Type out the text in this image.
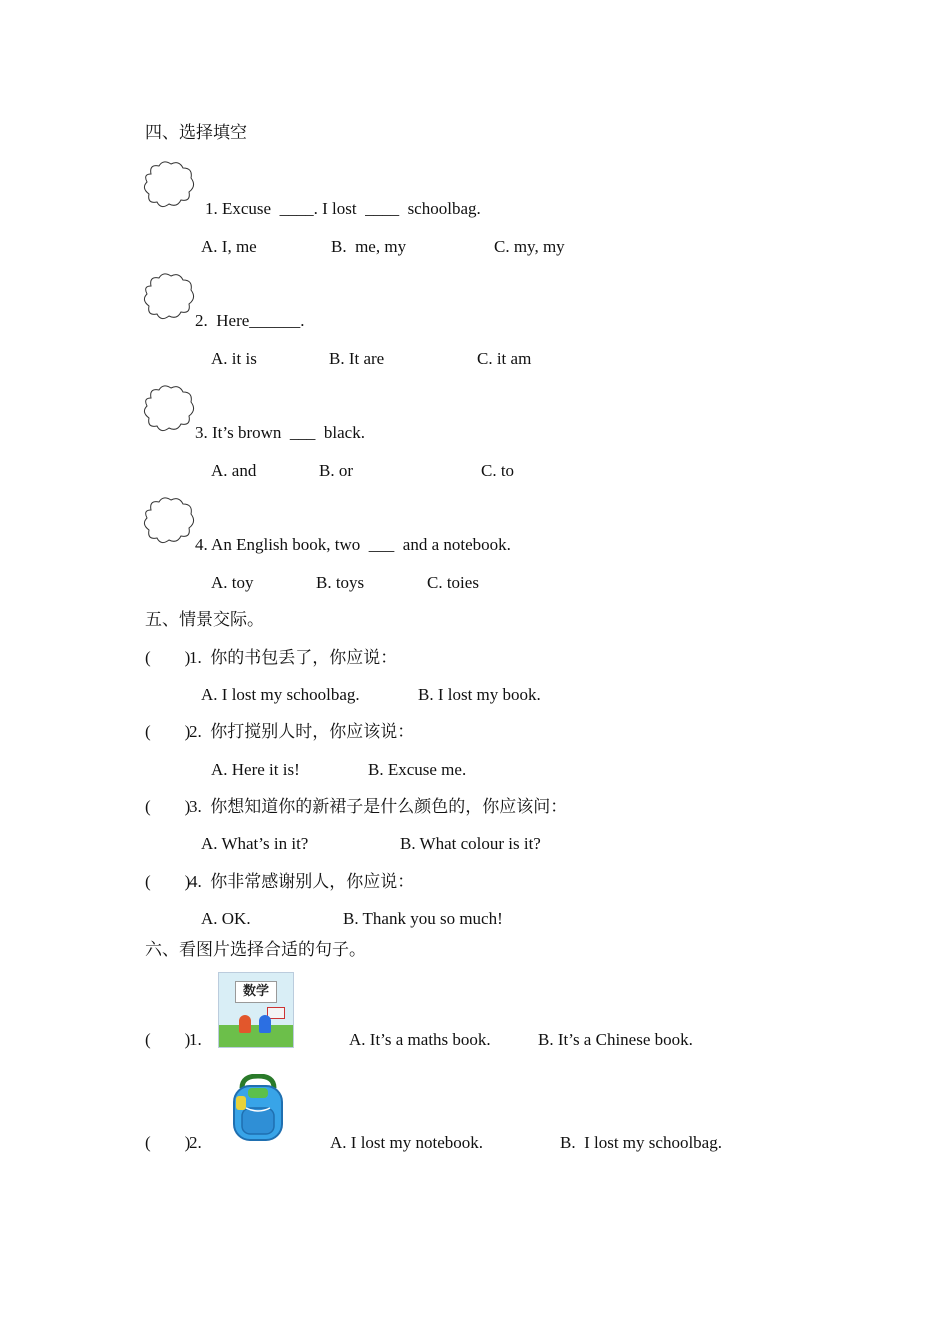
四、选择填空
1. Excuse  ____. I lost  ____  schoolbag.
A. I, me	B.  me, my	C. my, my
2.  Here______.
A. it is	B. It are	C. it am
3. It’s brown  ___  black.
A. and	B. or	C. to
4. An English book, two  ___  and a notebook.
A. toy	B. toys	C. toies
五、情景交际。
(        )
1.  你的书包丢了，你应说：
A. I lost my schoolbag.	B. I lost my book.
(        )
2.  你打搅别人时，你应该说：
A. Here it is!	B. Excuse me.
(        )
3.  你想知道你的新裙子是什么颜色的，你应该问：
A. What’s in it?	B. What colour is it?
(        )
4.  你非常感谢别人，你应说：
A. OK.	B. Thank you so much!
六、看图片选择合适的句子。
数学
(        )
1.	A. It’s a maths book.	B. It’s a Chinese book.
(        )
2.	A. I lost my notebook.	B.  I lost my schoolbag.
